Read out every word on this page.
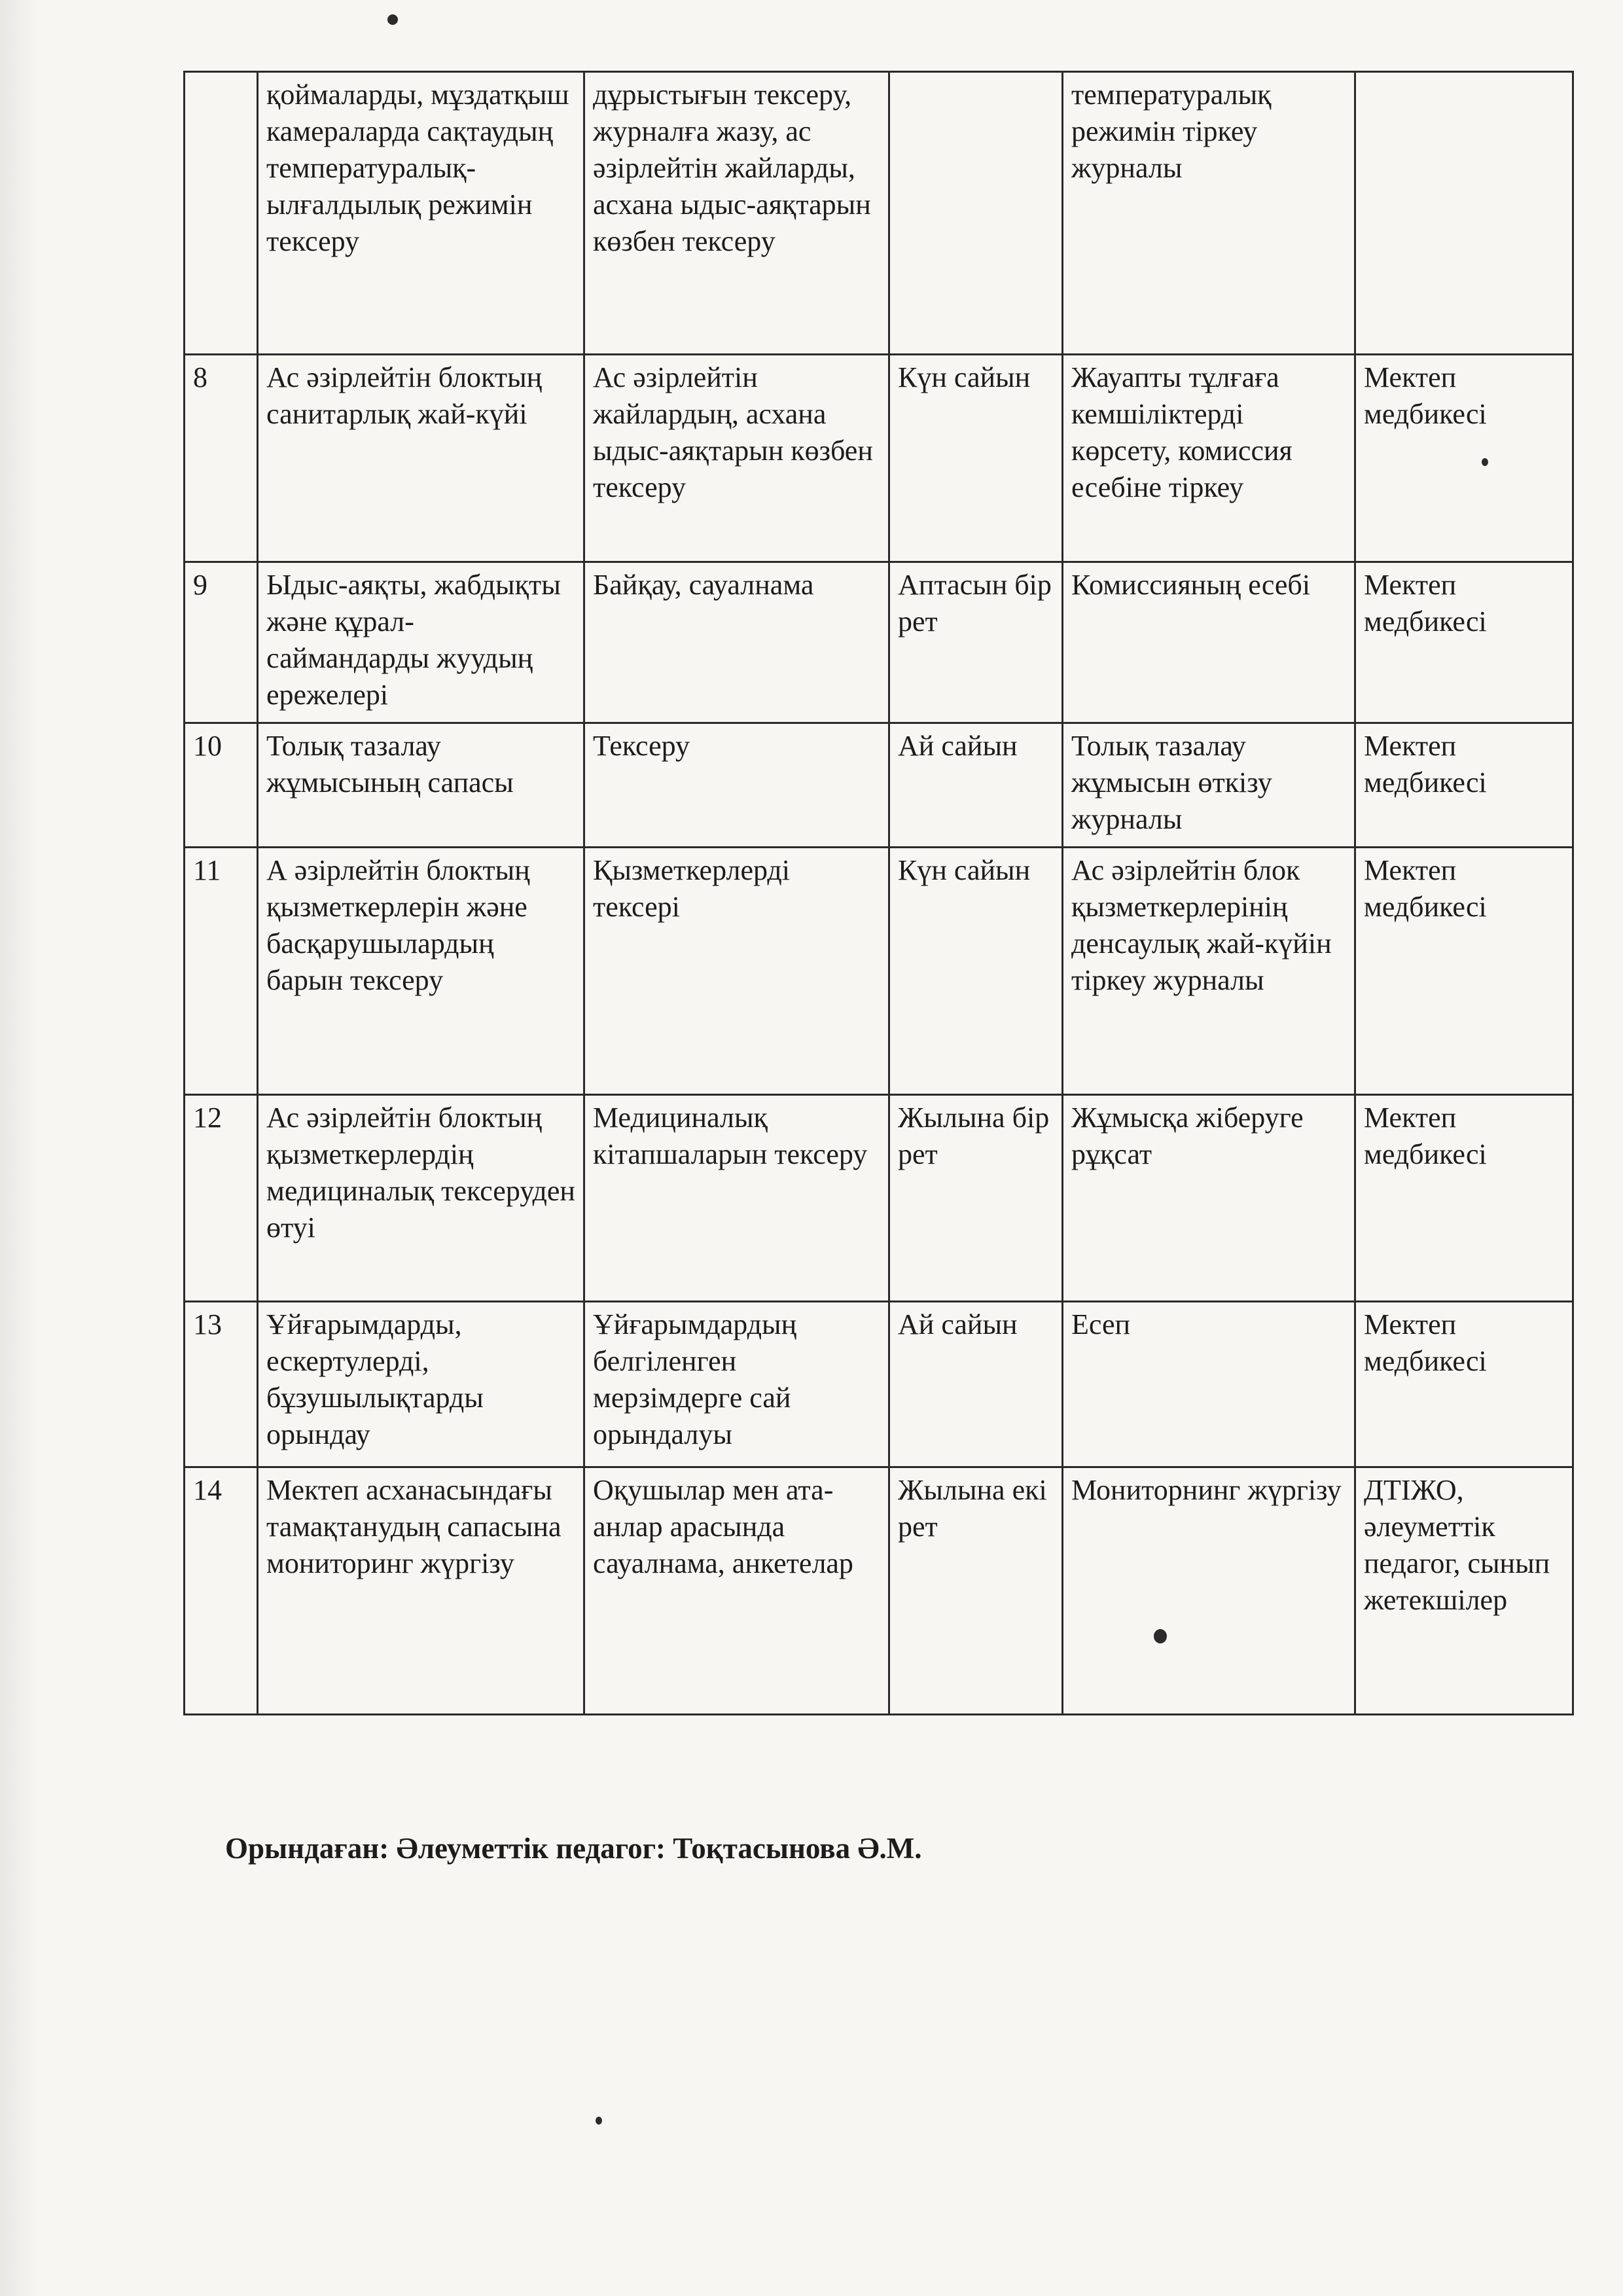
	қоймаларды, мұздатқыш камераларда сақтаудың температуралық-ылғалдылық режимін тексеру	дұрыстығын тексеру, журналға жазу, ас әзірлейтін жайларды, асхана ыдыс-аяқтарын көзбен тексеру		температуралық режимін тіркеу журналы	
8	Ас әзірлейтін блоктың санитарлық жай-күйі	Ас әзірлейтін жайлардың, асхана ыдыс-аяқтарын көзбен тексеру	Күн сайын	Жауапты тұлғаға кемшіліктерді көрсету, комиссия есебіне тіркеу	Мектеп медбикесі
9	Ыдыс-аяқты, жабдықты және құрал-саймандарды жуудың ережелері	Байқау, сауалнама	Аптасын бір рет	Комиссияның есебі	Мектеп медбикесі
10	Толық тазалау жұмысының сапасы	Тексеру	Ай сайын	Толық тазалау жұмысын өткізу журналы	Мектеп медбикесі
11	А әзірлейтін блоктың қызметкерлерін және басқарушылардың барын тексеру	Қызметкерлерді тексері	Күн сайын	Ас әзірлейтін блок қызметкерлерінің денсаулық жай-күйін тіркеу журналы	Мектеп медбикесі
12	Ас әзірлейтін блоктың қызметкерлердің медициналық тексеруден өтуі	Медициналық кітапшаларын тексеру	Жылына бір рет	Жұмысқа жіберуге рұқсат	Мектеп медбикесі
13	Ұйғарымдарды, ескертулерді, бұзушылықтарды орындау	Ұйғарымдардың белгіленген мерзімдерге сай орындалуы	Ай сайын	Есеп	Мектеп медбикесі
14	Мектеп асханасындағы тамақтанудың сапасына мониторинг жүргізу	Оқушылар мен ата-анлар арасында сауалнама, анкетелар	Жылына екі рет	Мониторнинг жүргізу	ДТІЖО, әлеуметтік педагог, сынып жетекшілер
Орындаған: Әлеуметтік педагог: Тоқтасынова Ә.М.
